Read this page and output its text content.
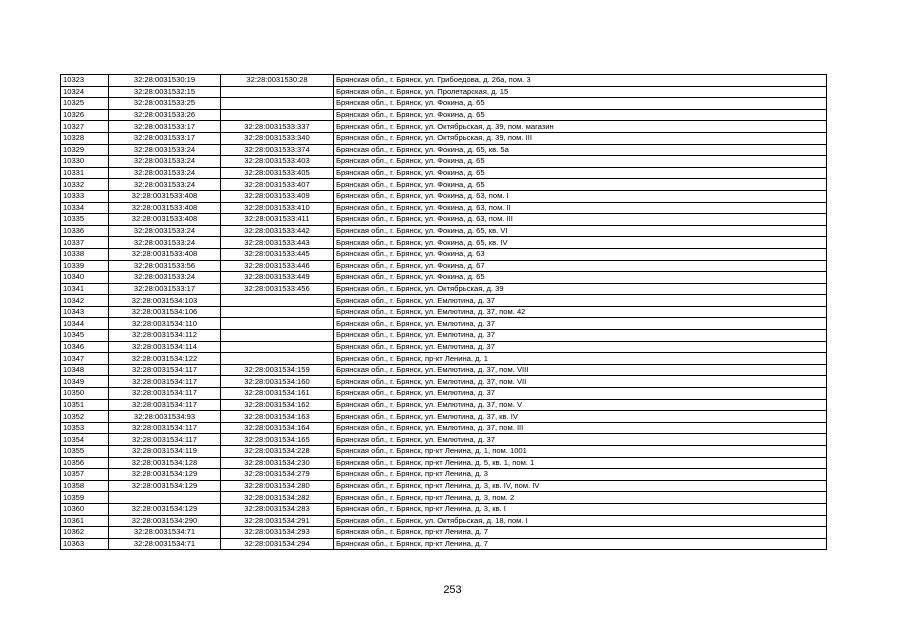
10323	32:28:0031530:19	32:28:0031530:28	Брянская обл., г. Брянск, ул. Грибоедова, д. 26а, пом. 3
10324	32:28:0031532:15		Брянская обл., г. Брянск, ул. Пролетарская, д. 15
10325	32:28:0031533:25		Брянская обл., г. Брянск, ул. Фокина, д. 65
10326	32:28:0031533:26		Брянская обл., г. Брянск, ул. Фокина, д. 65
10327	32:28:0031533:17	32:28:0031533:337	Брянская обл., г. Брянск, ул. Октябрьская, д. 39, пом. магазин
10328	32:28:0031533:17	32:28:0031533:340	Брянская обл., г. Брянск, ул. Октябрьская, д. 39, пом. III
10329	32:28:0031533:24	32:28:0031533:374	Брянская обл., г. Брянск, ул. Фокина, д. 65, кв. 5а
10330	32:28:0031533:24	32:28:0031533:403	Брянская обл., г. Брянск, ул. Фокина, д. 65
10331	32:28:0031533:24	32:28:0031533:405	Брянская обл., г. Брянск, ул. Фокина, д. 65
10332	32:28:0031533:24	32:28:0031533:407	Брянская обл., г. Брянск, ул. Фокина, д. 65
10333	32:28:0031533:408	32:28:0031533:409	Брянская обл., г. Брянск, ул. Фокина, д. 63, пом. I
10334	32:28:0031533:408	32:28:0031533:410	Брянская обл., г. Брянск, ул. Фокина, д. 63, пом. II
10335	32:28:0031533:408	32:28:0031533:411	Брянская обл., г. Брянск, ул. Фокина, д. 63, пом. III
10336	32:28:0031533:24	32:28:0031533:442	Брянская обл., г. Брянск, ул. Фокина, д. 65, кв. VI
10337	32:28:0031533:24	32:28:0031533:443	Брянская обл., г. Брянск, ул. Фокина, д. 65, кв. IV
10338	32:28:0031533:408	32:28:0031533:445	Брянская обл., г. Брянск, ул. Фокина, д. 63
10339	32:28:0031533:56	32:28:0031533:446	Брянская обл., г. Брянск, ул. Фокина, д. 67
10340	32:28:0031533:24	32:28:0031533:449	Брянская обл., г. Брянск, ул. Фокина, д. 65
10341	32:28:0031533:17	32:28:0031533:456	Брянская обл., г. Брянск, ул. Октябрьская, д. 39
10342	32:28:0031534:103		Брянская обл., г. Брянск, ул. Емлютина, д. 37
10343	32:28:0031534:106		Брянская обл., г. Брянск, ул. Емлютина, д. 37, пом. 42
10344	32:28:0031534:110		Брянская обл., г. Брянск, ул. Емлютина, д. 37
10345	32:28:0031534:112		Брянская обл., г. Брянск, ул. Емлютина, д. 37
10346	32:28:0031534:114		Брянская обл., г. Брянск, ул. Емлютина, д. 37
10347	32:28:0031534:122		Брянская обл., г. Брянск, пр-кт Ленина, д. 1
10348	32:28:0031534:117	32:28:0031534:159	Брянская обл., г. Брянск, ул. Емлютина, д. 37, пом. VIII
10349	32:28:0031534:117	32:28:0031534:160	Брянская обл., г. Брянск, ул. Емлютина, д. 37, пом. VII
10350	32:28:0031534:117	32:28:0031534:161	Брянская обл., г. Брянск, ул. Емлютина, д. 37
10351	32:28:0031534:117	32:28:0031534:162	Брянская обл., г. Брянск, ул. Емлютина, д. 37, пом. V
10352	32:28:0031534:93	32:28:0031534:163	Брянская обл., г. Брянск, ул. Емлютина, д. 37, кв. IV
10353	32:28:0031534:117	32:28:0031534:164	Брянская обл., г. Брянск, ул. Емлютина, д. 37, пом. III
10354	32:28:0031534:117	32:28:0031534:165	Брянская обл., г. Брянск, ул. Емлютина, д. 37
10355	32:28:0031534:119	32:28:0031534:228	Брянская обл., г. Брянск, пр-кт Ленина, д. 1, пом. 1001
10356	32:28:0031534:128	32:28:0031534:230	Брянская обл., г. Брянск, пр-кт Ленина, д. 5, кв. 1, пом. 1
10357	32:28:0031534:129	32:28:0031534:279	Брянская обл., г. Брянск, пр-кт Ленина, д. 3
10358	32:28:0031534:129	32:28:0031534:280	Брянская обл., г. Брянск, пр-кт Ленина, д. 3, кв. IV, пом. IV
10359		32:28:0031534:282	Брянская обл., г. Брянск, пр-кт Ленина, д. 3, пом. 2
10360	32:28:0031534:129	32:28:0031534:283	Брянская обл., г. Брянск, пр-кт Ленина, д. 3, кв. I
10361	32:28:0031534:290	32:28:0031534:291	Брянская обл., г. Брянск, ул. Октябрьская, д. 18, пом. I
10362	32:28:0031534:71	32:28:0031534:293	Брянская обл., г. Брянск, пр-кт Ленина, д. 7
10363	32:28:0031534:71	32:28:0031534:294	Брянская обл., г. Брянск, пр-кт Ленина, д. 7
253
